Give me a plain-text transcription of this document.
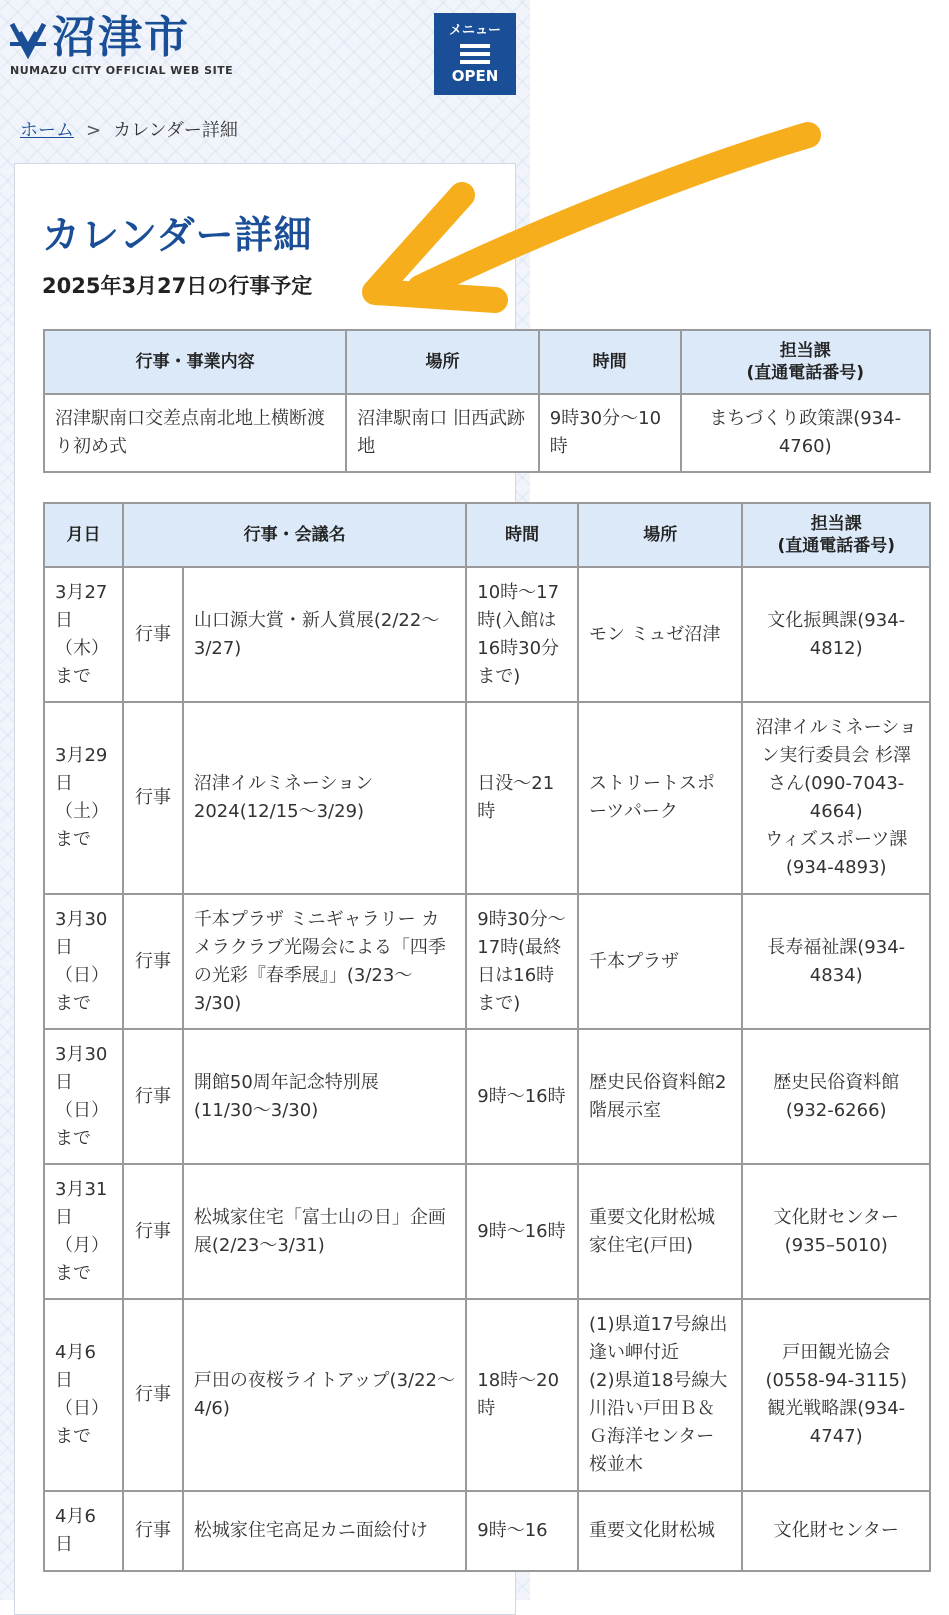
沼津市
NUMAZU CITY OFFICIAL WEB SITE
メニュー
OPEN
ホーム > カレンダー詳細
カレンダー詳細
2025年3月27日の行事予定
行事・事業内容	場所	時間	担当課
(直通電話番号)
沼津駅南口交差点南北地上横断渡り初め式	沼津駅南口 旧西武跡地	9時30分〜10時	まちづくり政策課(934-4760)
月日	行事・会議名		時間	場所	担当課
(直通電話番号)
3月27日
（木）
まで	行事	山口源大賞・新人賞展(2/22〜3/27)	10時〜17時(入館は16時30分まで)	モン ミュゼ沼津	文化振興課(934-4812)
3月29日
（土）
まで	行事	沼津イルミネーション2024(12/15〜3/29)	日没〜21時	ストリートスポーツパーク	沼津イルミネーション実行委員会 杉澤さん(090-7043-4664)
ウィズスポーツ課(934-4893)
3月30日
（日）
まで	行事	千本プラザ ミニギャラリー カメラクラブ光陽会による「四季の光彩『春季展』」(3/23〜3/30)	9時30分〜17時(最終日は16時まで)	千本プラザ	長寿福祉課(934-4834)
3月30日
（日）
まで	行事	開館50周年記念特別展(11/30〜3/30)	9時〜16時	歴史民俗資料館2階展示室	歴史民俗資料館(932-6266)
3月31日
（月）
まで	行事	松城家住宅「富士山の日」企画展(2/23〜3/31)	9時〜16時	重要文化財松城家住宅(戸田)	文化財センター(935–5010)
4月6日
（日）
まで	行事	戸田の夜桜ライトアップ(3/22〜4/6)	18時〜20時	(1)県道17号線出逢い岬付近
(2)県道18号線大川沿い戸田Ｂ＆Ｇ海洋センター桜並木	戸田観光協会(0558-94-3115)
観光戦略課(934-4747)
4月6日	行事	松城家住宅高足カニ面絵付け	9時〜16	重要文化財松城	文化財センター
